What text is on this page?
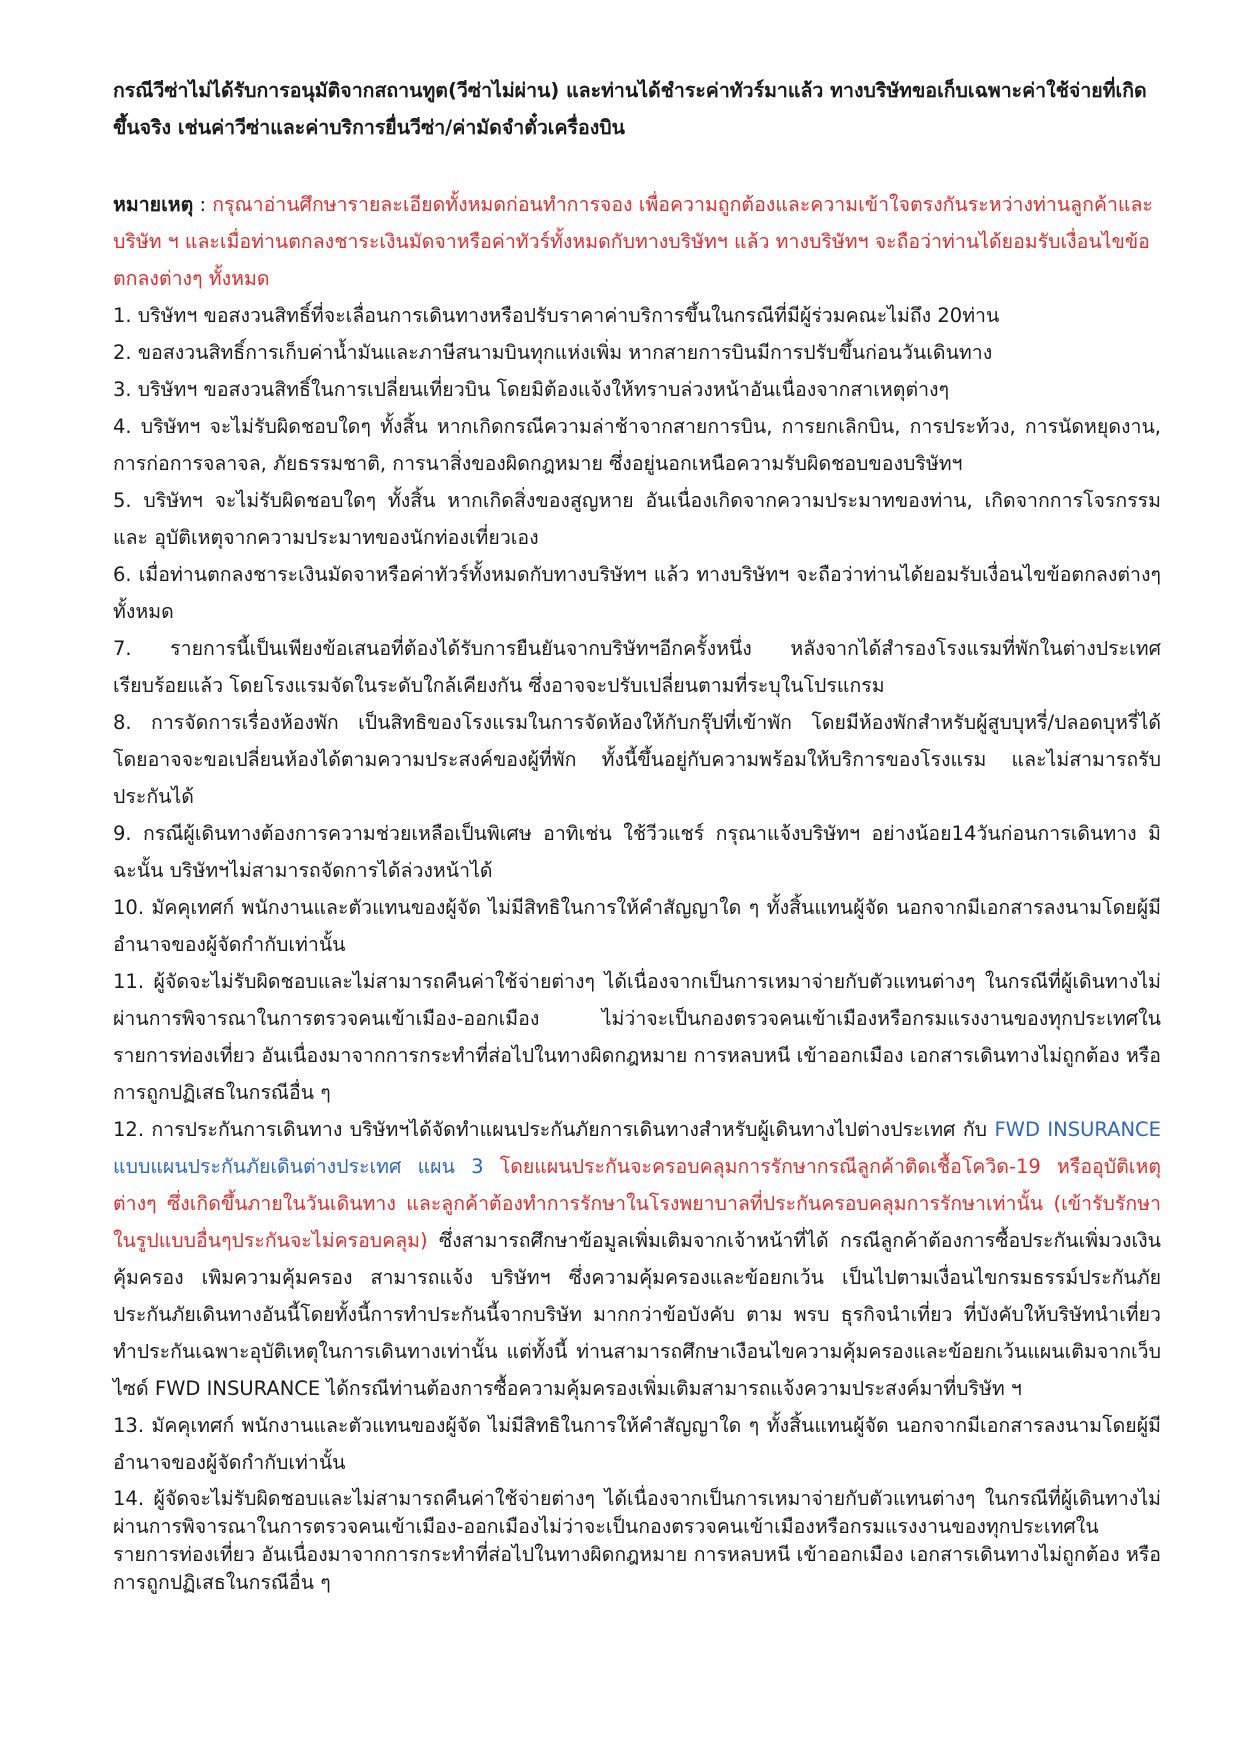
กรณีวีซ่าไม่ได้รับการอนุมัติจากสถานทูต(วีซ่าไม่ผ่าน) และท่านได้ชำระค่าทัวร์มาแล้ว ทางบริษัทขอเก็บเฉพาะค่าใช้จ่ายที่เกิดขึ้นจริง เช่นค่าวีซ่าและค่าบริการยื่นวีซ่า/ค่ามัดจำตั๋วเครื่องบิน

หมายเหตุ : กรุณาอ่านศึกษารายละเอียดทั้งหมดก่อนทำการจอง เพื่อความถูกต้องและความเข้าใจตรงกันระหว่างท่านลูกค้าและบริษัท ฯ และเมื่อท่านตกลงชาระเงินมัดจาหรือค่าทัวร์ทั้งหมดกับทางบริษัทฯ แล้ว ทางบริษัทฯ จะถือว่าท่านได้ยอมรับเงื่อนไขข้อตกลงต่างๆ ทั้งหมด

1. บริษัทฯ ขอสงวนสิทธิ์ที่จะเลื่อนการเดินทางหรือปรับราคาค่าบริการขึ้นในกรณีที่มีผู้ร่วมคณะไม่ถึง 20ท่าน

2. ขอสงวนสิทธิ์การเก็บค่าน้ำมันและภาษีสนามบินทุกแห่งเพิ่ม หากสายการบินมีการปรับขึ้นก่อนวันเดินทาง

3. บริษัทฯ ขอสงวนสิทธิ์ในการเปลี่ยนเที่ยวบิน โดยมิต้องแจ้งให้ทราบล่วงหน้าอันเนื่องจากสาเหตุต่างๆ

4. บริษัทฯ จะไม่รับผิดชอบใดๆ ทั้งสิ้น หากเกิดกรณีความล่าช้าจากสายการบิน, การยกเลิกบิน, การประท้วง, การนัดหยุดงาน, การก่อการจลาจล, ภัยธรรมชาติ, การนาสิ่งของผิดกฎหมาย ซึ่งอยู่นอกเหนือความรับผิดชอบของบริษัทฯ

5. บริษัทฯ จะไม่รับผิดชอบใดๆ ทั้งสิ้น หากเกิดสิ่งของสูญหาย อันเนื่องเกิดจากความประมาทของท่าน, เกิดจากการโจรกรรม และ อุบัติเหตุจากความประมาทของนักท่องเที่ยวเอง

6. เมื่อท่านตกลงชาระเงินมัดจาหรือค่าทัวร์ทั้งหมดกับทางบริษัทฯ แล้ว ทางบริษัทฯ จะถือว่าท่านได้ยอมรับเงื่อนไขข้อตกลงต่างๆ ทั้งหมด

7. รายการนี้เป็นเพียงข้อเสนอที่ต้องได้รับการยืนยันจากบริษัทฯอีกครั้งหนึ่ง หลังจากได้สำรองโรงแรมที่พักในต่างประเทศเรียบร้อยแล้ว โดยโรงแรมจัดในระดับใกล้เคียงกัน ซึ่งอาจจะปรับเปลี่ยนตามที่ระบุในโปรแกรม

8. การจัดการเรื่องห้องพัก เป็นสิทธิของโรงแรมในการจัดห้องให้กับกรุ๊ปที่เข้าพัก โดยมีห้องพักสำหรับผู้สูบบุหรี่/ปลอดบุหรี่ได้ โดยอาจจะขอเปลี่ยนห้องได้ตามความประสงค์ของผู้ที่พัก ทั้งนี้ขึ้นอยู่กับความพร้อมให้บริการของโรงแรม และไม่สามารถรับประกันได้

9. กรณีผู้เดินทางต้องการความช่วยเหลือเป็นพิเศษ อาทิเช่น ใช้วีวแชร์ กรุณาแจ้งบริษัทฯ อย่างน้อย14วันก่อนการเดินทาง มิฉะนั้น บริษัทฯไม่สามารถจัดการได้ล่วงหน้าได้

10. มัคคุเทศก์ พนักงานและตัวแทนของผู้จัด ไม่มีสิทธิในการให้คำสัญญาใด ๆ ทั้งสิ้นแทนผู้จัด นอกจากมีเอกสารลงนามโดยผู้มีอำนาจของผู้จัดกำกับเท่านั้น

11. ผู้จัดจะไม่รับผิดชอบและไม่สามารถคืนค่าใช้จ่ายต่างๆ ได้เนื่องจากเป็นการเหมาจ่ายกับตัวแทนต่างๆ ในกรณีที่ผู้เดินทางไม่ผ่านการพิจารณาในการตรวจคนเข้าเมือง-ออกเมือง ไม่ว่าจะเป็นกองตรวจคนเข้าเมืองหรือกรมแรงงานของทุกประเทศในรายการท่องเที่ยว อันเนื่องมาจากการกระทำที่ส่อไปในทางผิดกฎหมาย การหลบหนี เข้าออกเมือง เอกสารเดินทางไม่ถูกต้อง หรือ การถูกปฏิเสธในกรณีอื่น ๆ

12. การประกันการเดินทาง บริษัทฯได้จัดทำแผนประกันภัยการเดินทางสำหรับผู้เดินทางไปต่างประเทศ กับ FWD INSURANCE แบบแผนประกันภัยเดินต่างประเทศ แผน 3 โดยแผนประกันจะครอบคลุมการรักษากรณีลูกค้าติดเชื้อโควิด-19 หรืออุบัติเหตุต่างๆ ซึ่งเกิดขึ้นภายในวันเดินทาง และลูกค้าต้องทำการรักษาในโรงพยาบาลที่ประกันครอบคลุมการรักษาเท่านั้น (เข้ารับรักษาในรูปแบบอื่นๆประกันจะไม่ครอบคลุม) ซึ่งสามารถศึกษาข้อมูลเพิ่มเติมจากเจ้าหน้าที่ได้ กรณีลูกค้าต้องการซื้อประกันเพิ่มวงเงินคุ้มครอง เพิมความคุ้มครอง สามารถแจ้ง บริษัทฯ ซึ่งความคุ้มครองและข้อยกเว้น เป็นไปตามเงื่อนไขกรมธรรม์ประกันภัย ประกันภัยเดินทางอันนี้โดยทั้งนี้การทำประกันนี้จากบริษัท มากกว่าข้อบังคับ ตาม พรบ ธุรกิจนำเที่ยว ที่บังคับให้บริษัทนำเที่ยว ทำประกันเฉพาะอุบัติเหตุในการเดินทางเท่านั้น แต่ทั้งนี้ ท่านสามารถศึกษาเงือนไขความคุ้มครองและข้อยกเว้นแผนเติมจากเว็บไซด์ FWD INSURANCE ได้กรณีท่านต้องการซื้อความคุ้มครองเพิ่มเติมสามารถแจ้งความประสงค์มาที่บริษัท ฯ

13. มัคคุเทศก์ พนักงานและตัวแทนของผู้จัด ไม่มีสิทธิในการให้คำสัญญาใด ๆ ทั้งสิ้นแทนผู้จัด นอกจากมีเอกสารลงนามโดยผู้มีอำนาจของผู้จัดกำกับเท่านั้น

14. ผู้จัดจะไม่รับผิดชอบและไม่สามารถคืนค่าใช้จ่ายต่างๆ ได้เนื่องจากเป็นการเหมาจ่ายกับตัวแทนต่างๆ ในกรณีที่ผู้เดินทางไม่ผ่านการพิจารณาในการตรวจคนเข้าเมือง-ออกเมืองไม่ว่าจะเป็นกองตรวจคนเข้าเมืองหรือกรมแรงงานของทุกประเทศในรายการท่องเที่ยว อันเนื่องมาจากการกระทำที่ส่อไปในทางผิดกฎหมาย การหลบหนี เข้าออกเมือง เอกสารเดินทางไม่ถูกต้อง หรือ การถูกปฏิเสธในกรณีอื่น ๆ
